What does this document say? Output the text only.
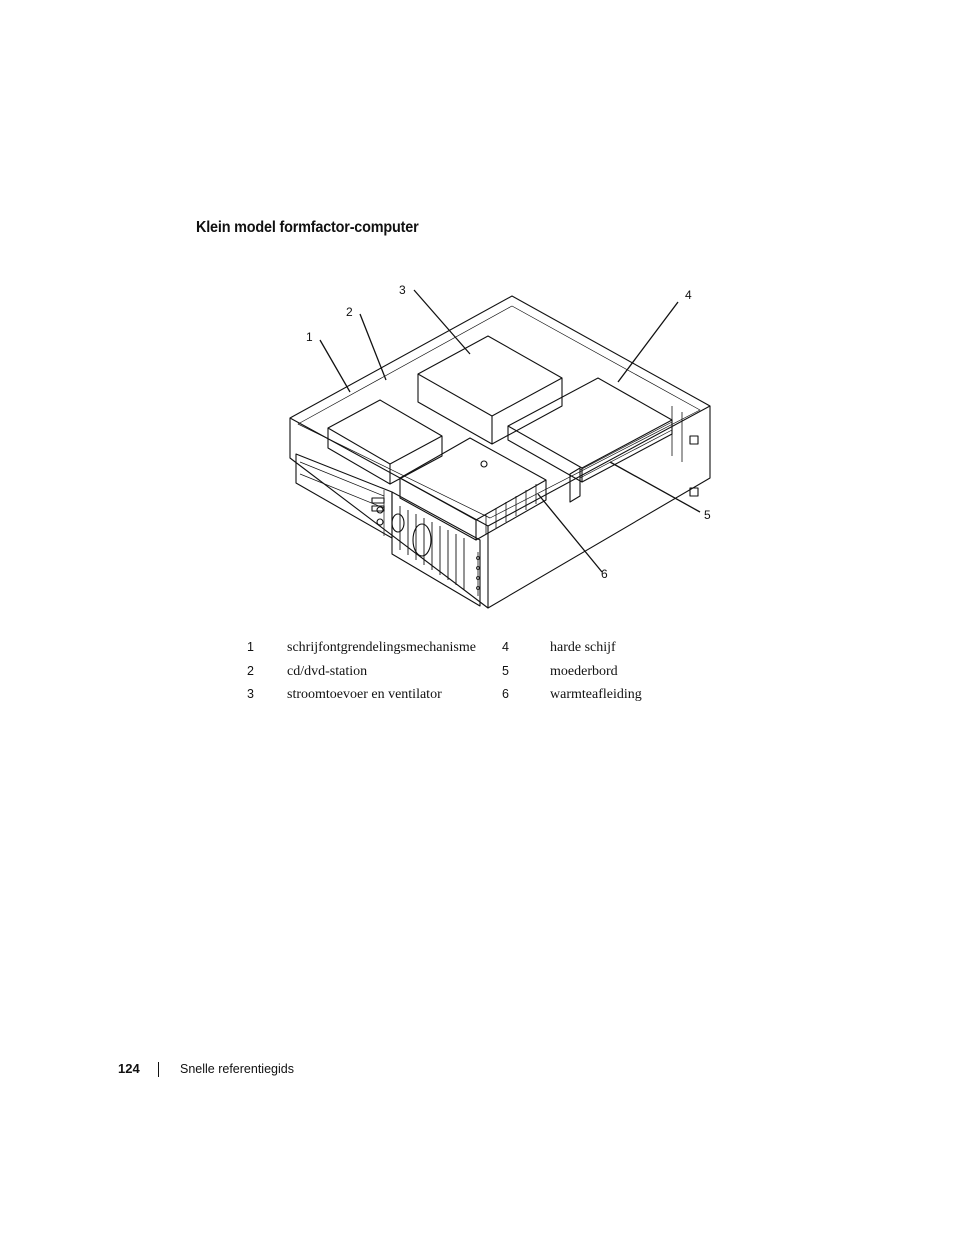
Klein model formfactor-computer
1
2
3	4
5
6
1	schrijfontgrendelingsmechanisme	4	harde schijf
2	cd/dvd-station	5	moederbord
3	stroomtoevoer en ventilator	6	warmteafleiding
124	Snelle referentiegids
